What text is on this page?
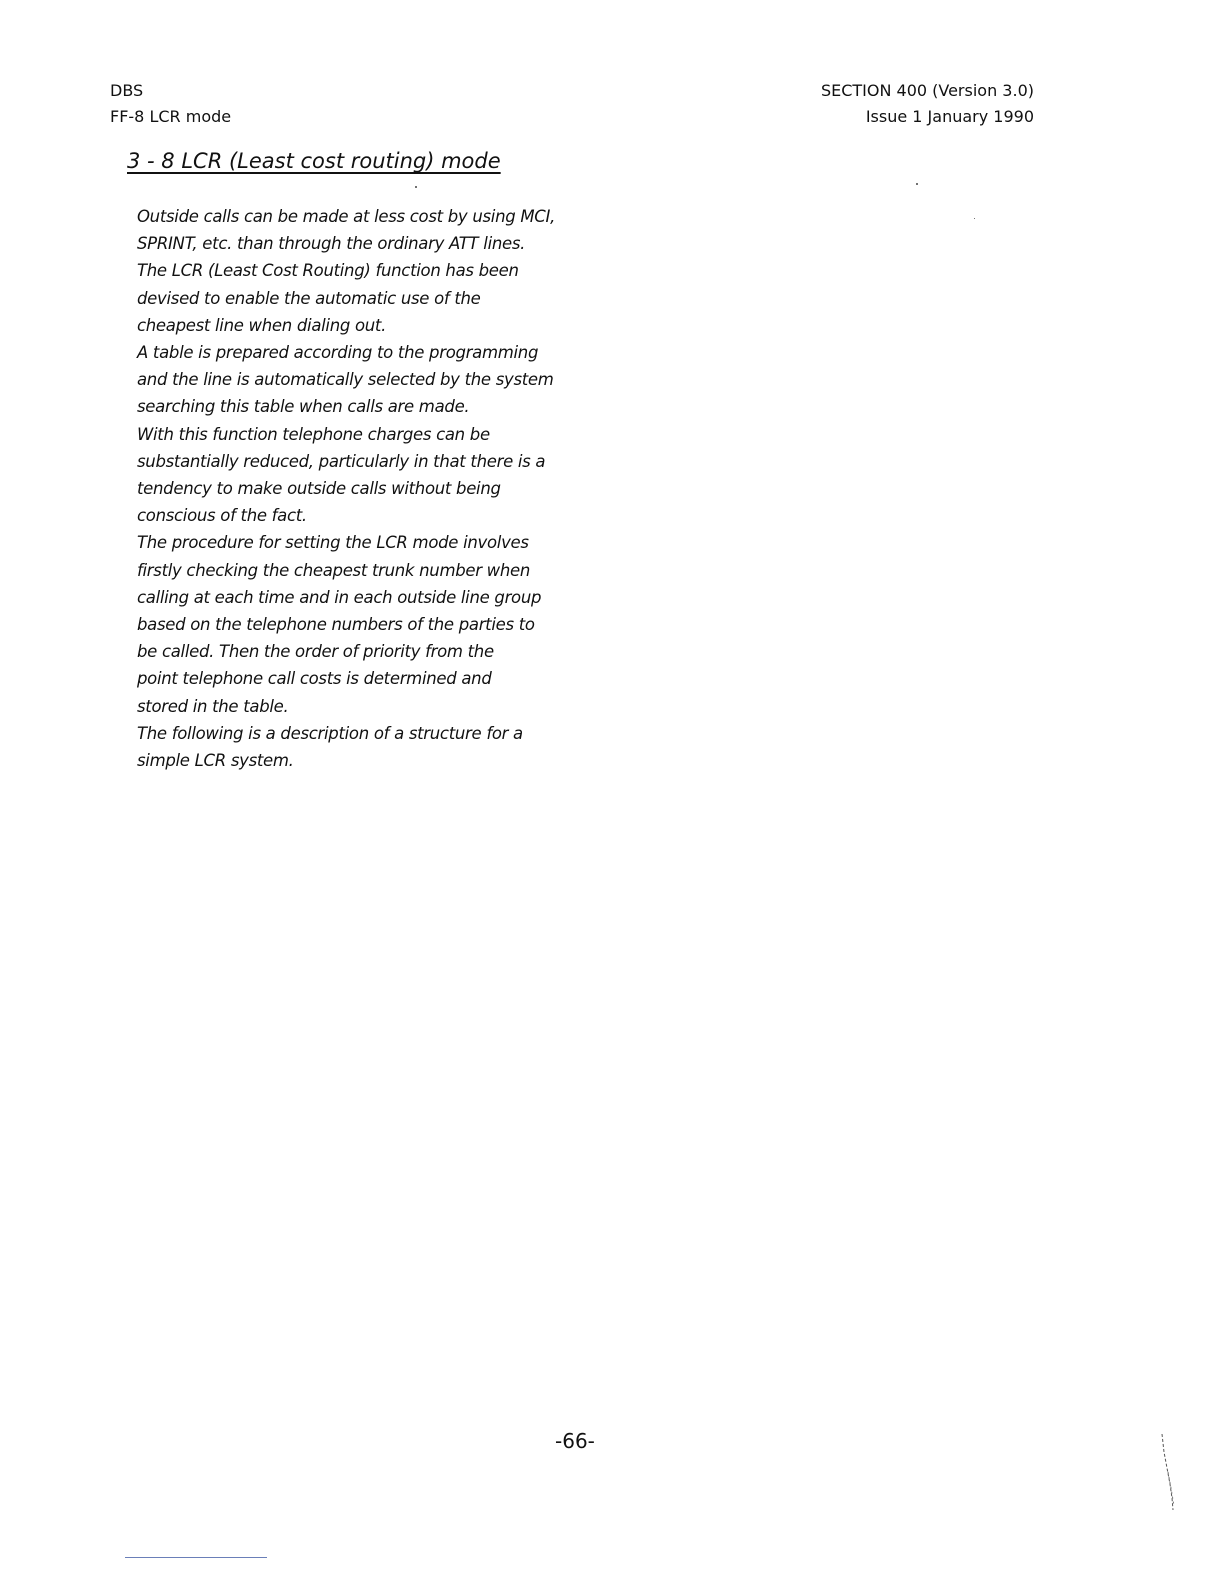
DBS
FF-8 LCR mode
SECTION 400 (Version 3.0)
Issue 1 January 1990
3 - 8 LCR (Least cost routing) mode
Outside calls can be made at less cost by using MCI,
SPRINT, etc. than through the ordinary ATT lines.
The LCR (Least Cost Routing) function has been
devised to enable the automatic use of the
cheapest line when dialing out.
A table is prepared according to the programming
and the line is automatically selected by the system
searching this table when calls are made.
With this function telephone charges can be
substantially reduced, particularly in that there is a
tendency to make outside calls without being
conscious of the fact.
The procedure for setting the LCR mode involves
firstly checking the cheapest trunk number when
calling at each time and in each outside line group
based on the telephone numbers of the parties to
be called. Then the order of priority from the
point telephone call costs is determined and
stored in the table.
The following is a description of a structure for a
simple LCR system.
-66-
